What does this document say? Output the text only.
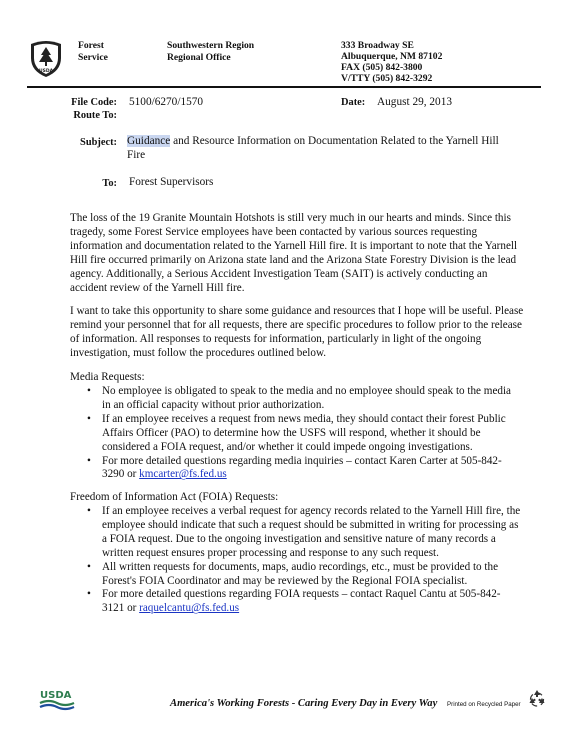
USDA
Forest
Service
Southwestern Region
Regional Office
333 Broadway SE
Albuquerque, NM 87102
FAX (505) 842-3800
V/TTY (505) 842-3292
File Code: 5100/6270/1570
Route To:
Date: August 29, 2013
Subject: Guidance and Resource Information on Documentation Related to the Yarnell Hill Fire
To: Forest Supervisors
The loss of the 19 Granite Mountain Hotshots is still very much in our hearts and minds. Since this tragedy, some Forest Service employees have been contacted by various sources requesting information and documentation related to the Yarnell Hill fire. It is important to note that the Yarnell Hill fire occurred primarily on Arizona state land and the Arizona State Forestry Division is the lead agency. Additionally, a Serious Accident Investigation Team (SAIT) is actively conducting an accident review of the Yarnell Hill fire.
I want to take this opportunity to share some guidance and resources that I hope will be useful. Please remind your personnel that for all requests, there are specific procedures to follow prior to the release of information. All responses to requests for information, particularly in light of the ongoing investigation, must follow the procedures outlined below.
Media Requests:
• No employee is obligated to speak to the media and no employee should speak to the media in an official capacity without prior authorization.
• If an employee receives a request from news media, they should contact their forest Public Affairs Officer (PAO) to determine how the USFS will respond, whether it should be considered a FOIA request, and/or whether it could impede ongoing investigations.
• For more detailed questions regarding media inquiries – contact Karen Carter at 505-842-3290 or kmcarter@fs.fed.us
Freedom of Information Act (FOIA) Requests:
• If an employee receives a verbal request for agency records related to the Yarnell Hill fire, the employee should indicate that such a request should be submitted in writing for processing as a FOIA request. Due to the ongoing investigation and sensitive nature of many records a written request ensures proper processing and response to any such request.
• All written requests for documents, maps, audio recordings, etc., must be provided to the Forest's FOIA Coordinator and may be reviewed by the Regional FOIA specialist.
• For more detailed questions regarding FOIA requests – contact Raquel Cantu at 505-842-3121 or raquelcantu@fs.fed.us
USDA
America's Working Forests - Caring Every Day in Every Way Printed on Recycled Paper
